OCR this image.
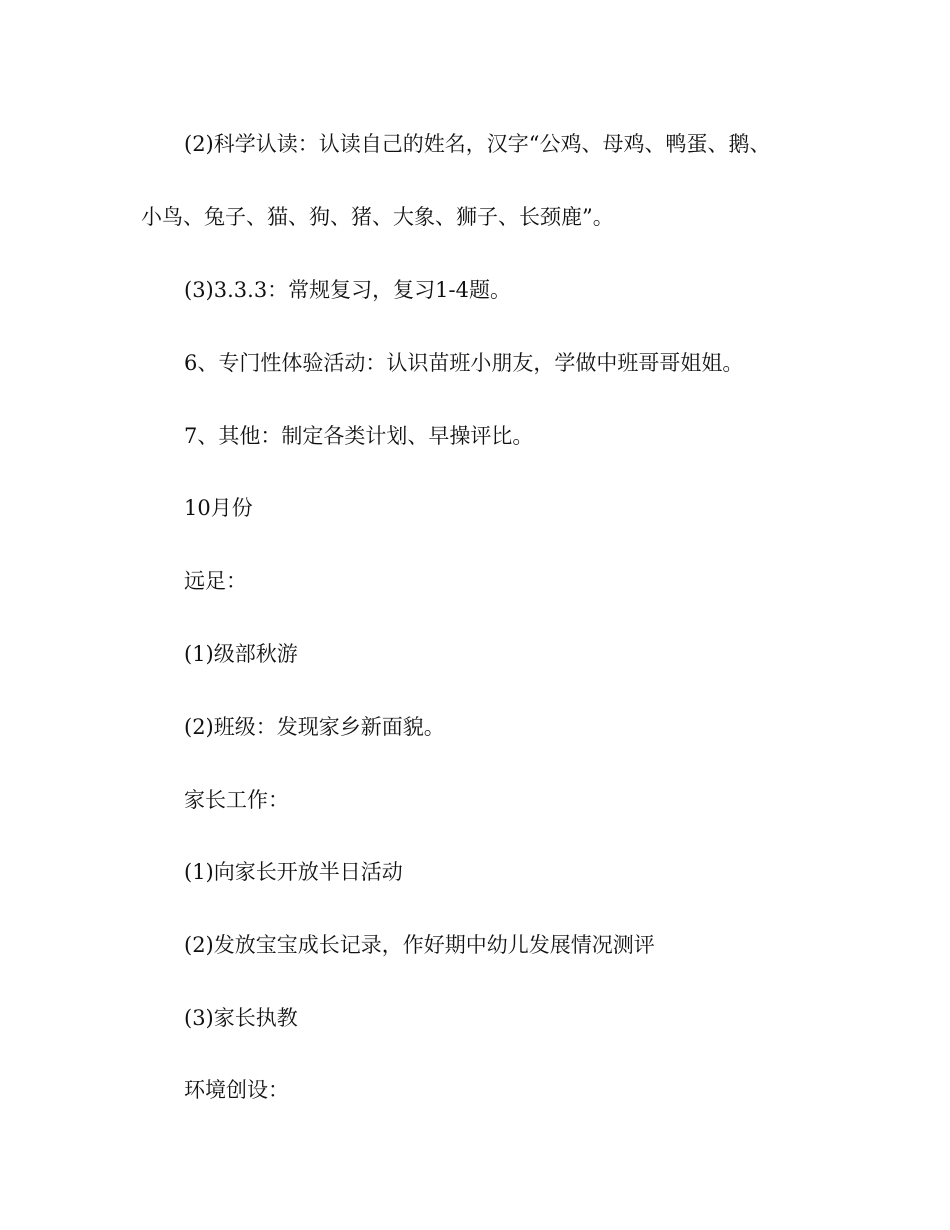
(2)科学认读：认读自己的姓名，汉字“公鸡、母鸡、鸭蛋、鹅、
小鸟、兔子、猫、狗、猪、大象、狮子、长颈鹿”。
(3)3.3.3：常规复习，复习1-4题。
6、专门性体验活动：认识苗班小朋友，学做中班哥哥姐姐。
7、其他：制定各类计划、早操评比。
10月份
远足：
(1)级部秋游
(2)班级：发现家乡新面貌。
家长工作：
(1)向家长开放半日活动
(2)发放宝宝成长记录，作好期中幼儿发展情况测评
(3)家长执教
环境创设：
